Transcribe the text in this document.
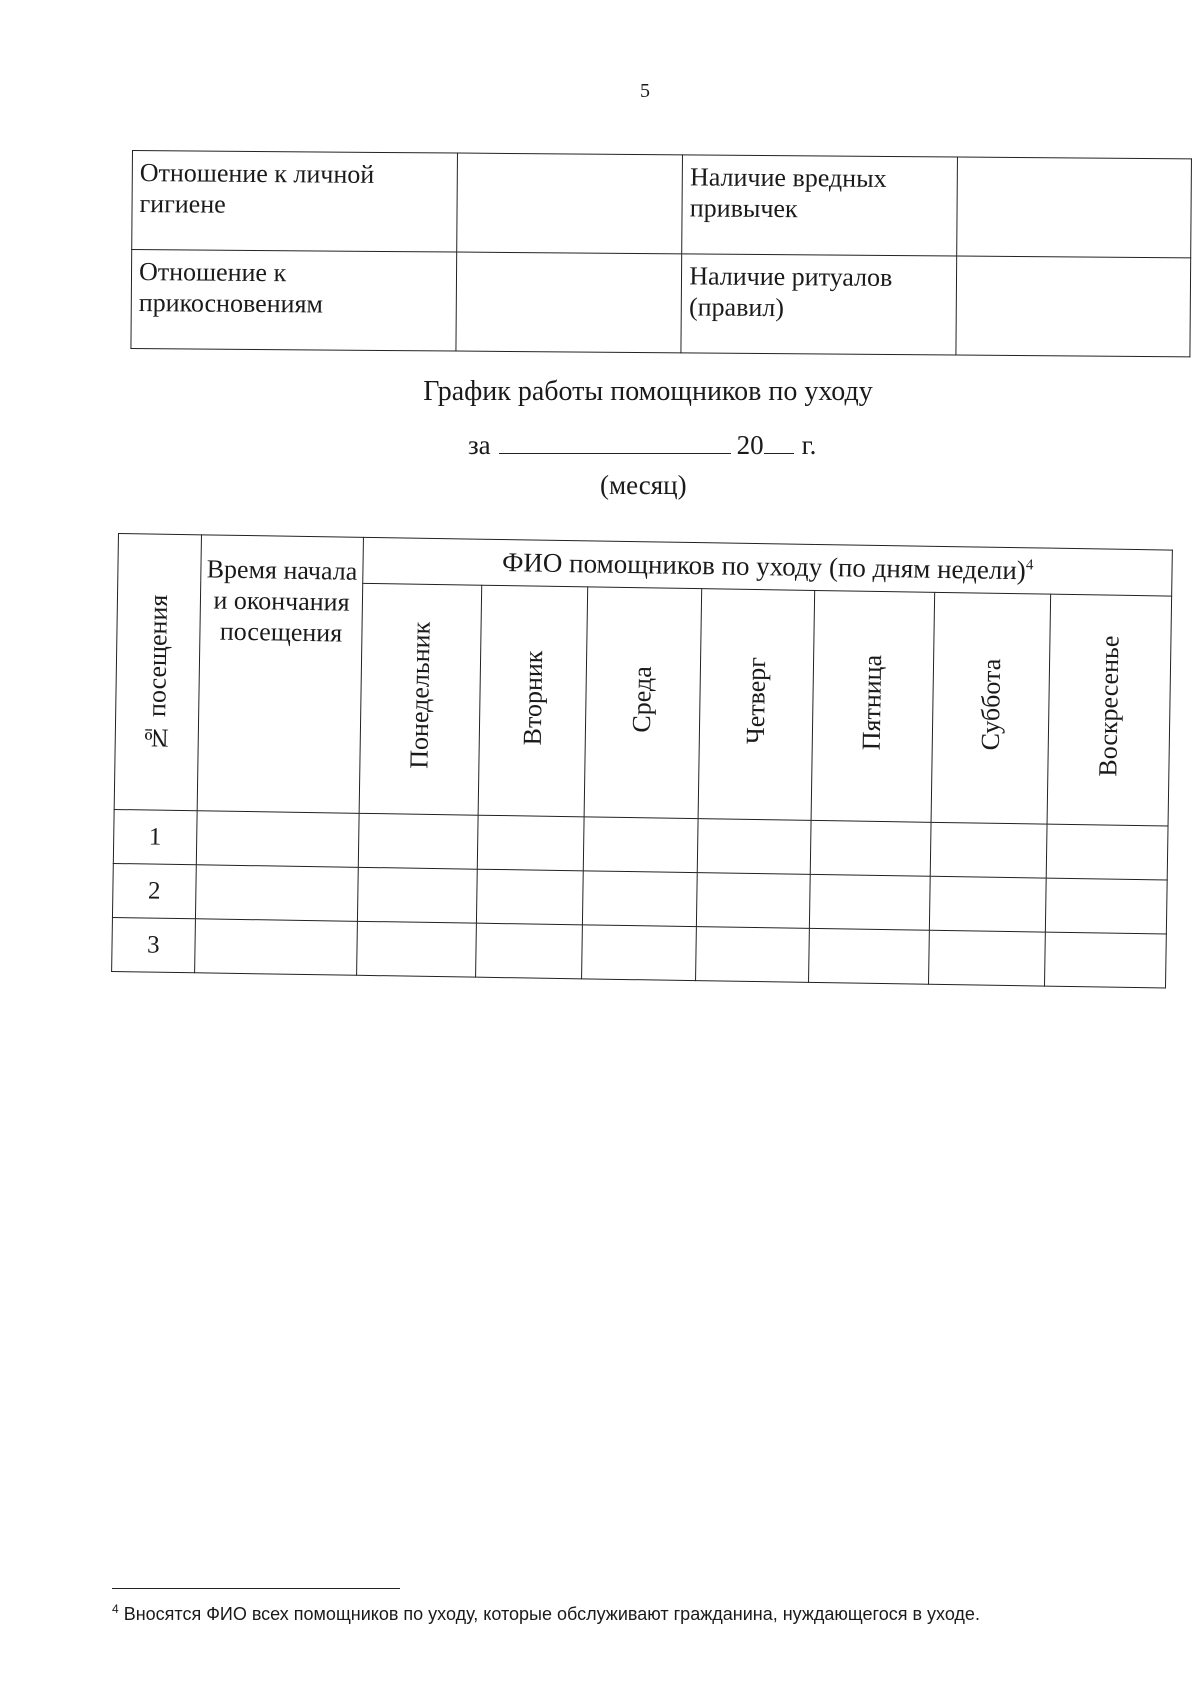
5
Отношение к личной гигиене		Наличие вредных привычек	
Отношение к прикосновениям		Наличие ритуалов (правил)	
График работы помощников по уходу
за	20 г.
(месяц)
№ посещения	Время начала и окончания посещения	ФИО помощников по уходу (по дням недели)$^4$
		Понедельник	Вторник	Среда	Четверг	Пятница	Суббота	Воскресенье
1								
2								
3								
$^4$ Вносятся ФИО всех помощников по уходу, которые обслуживают гражданина, нуждающегося в уходе.
